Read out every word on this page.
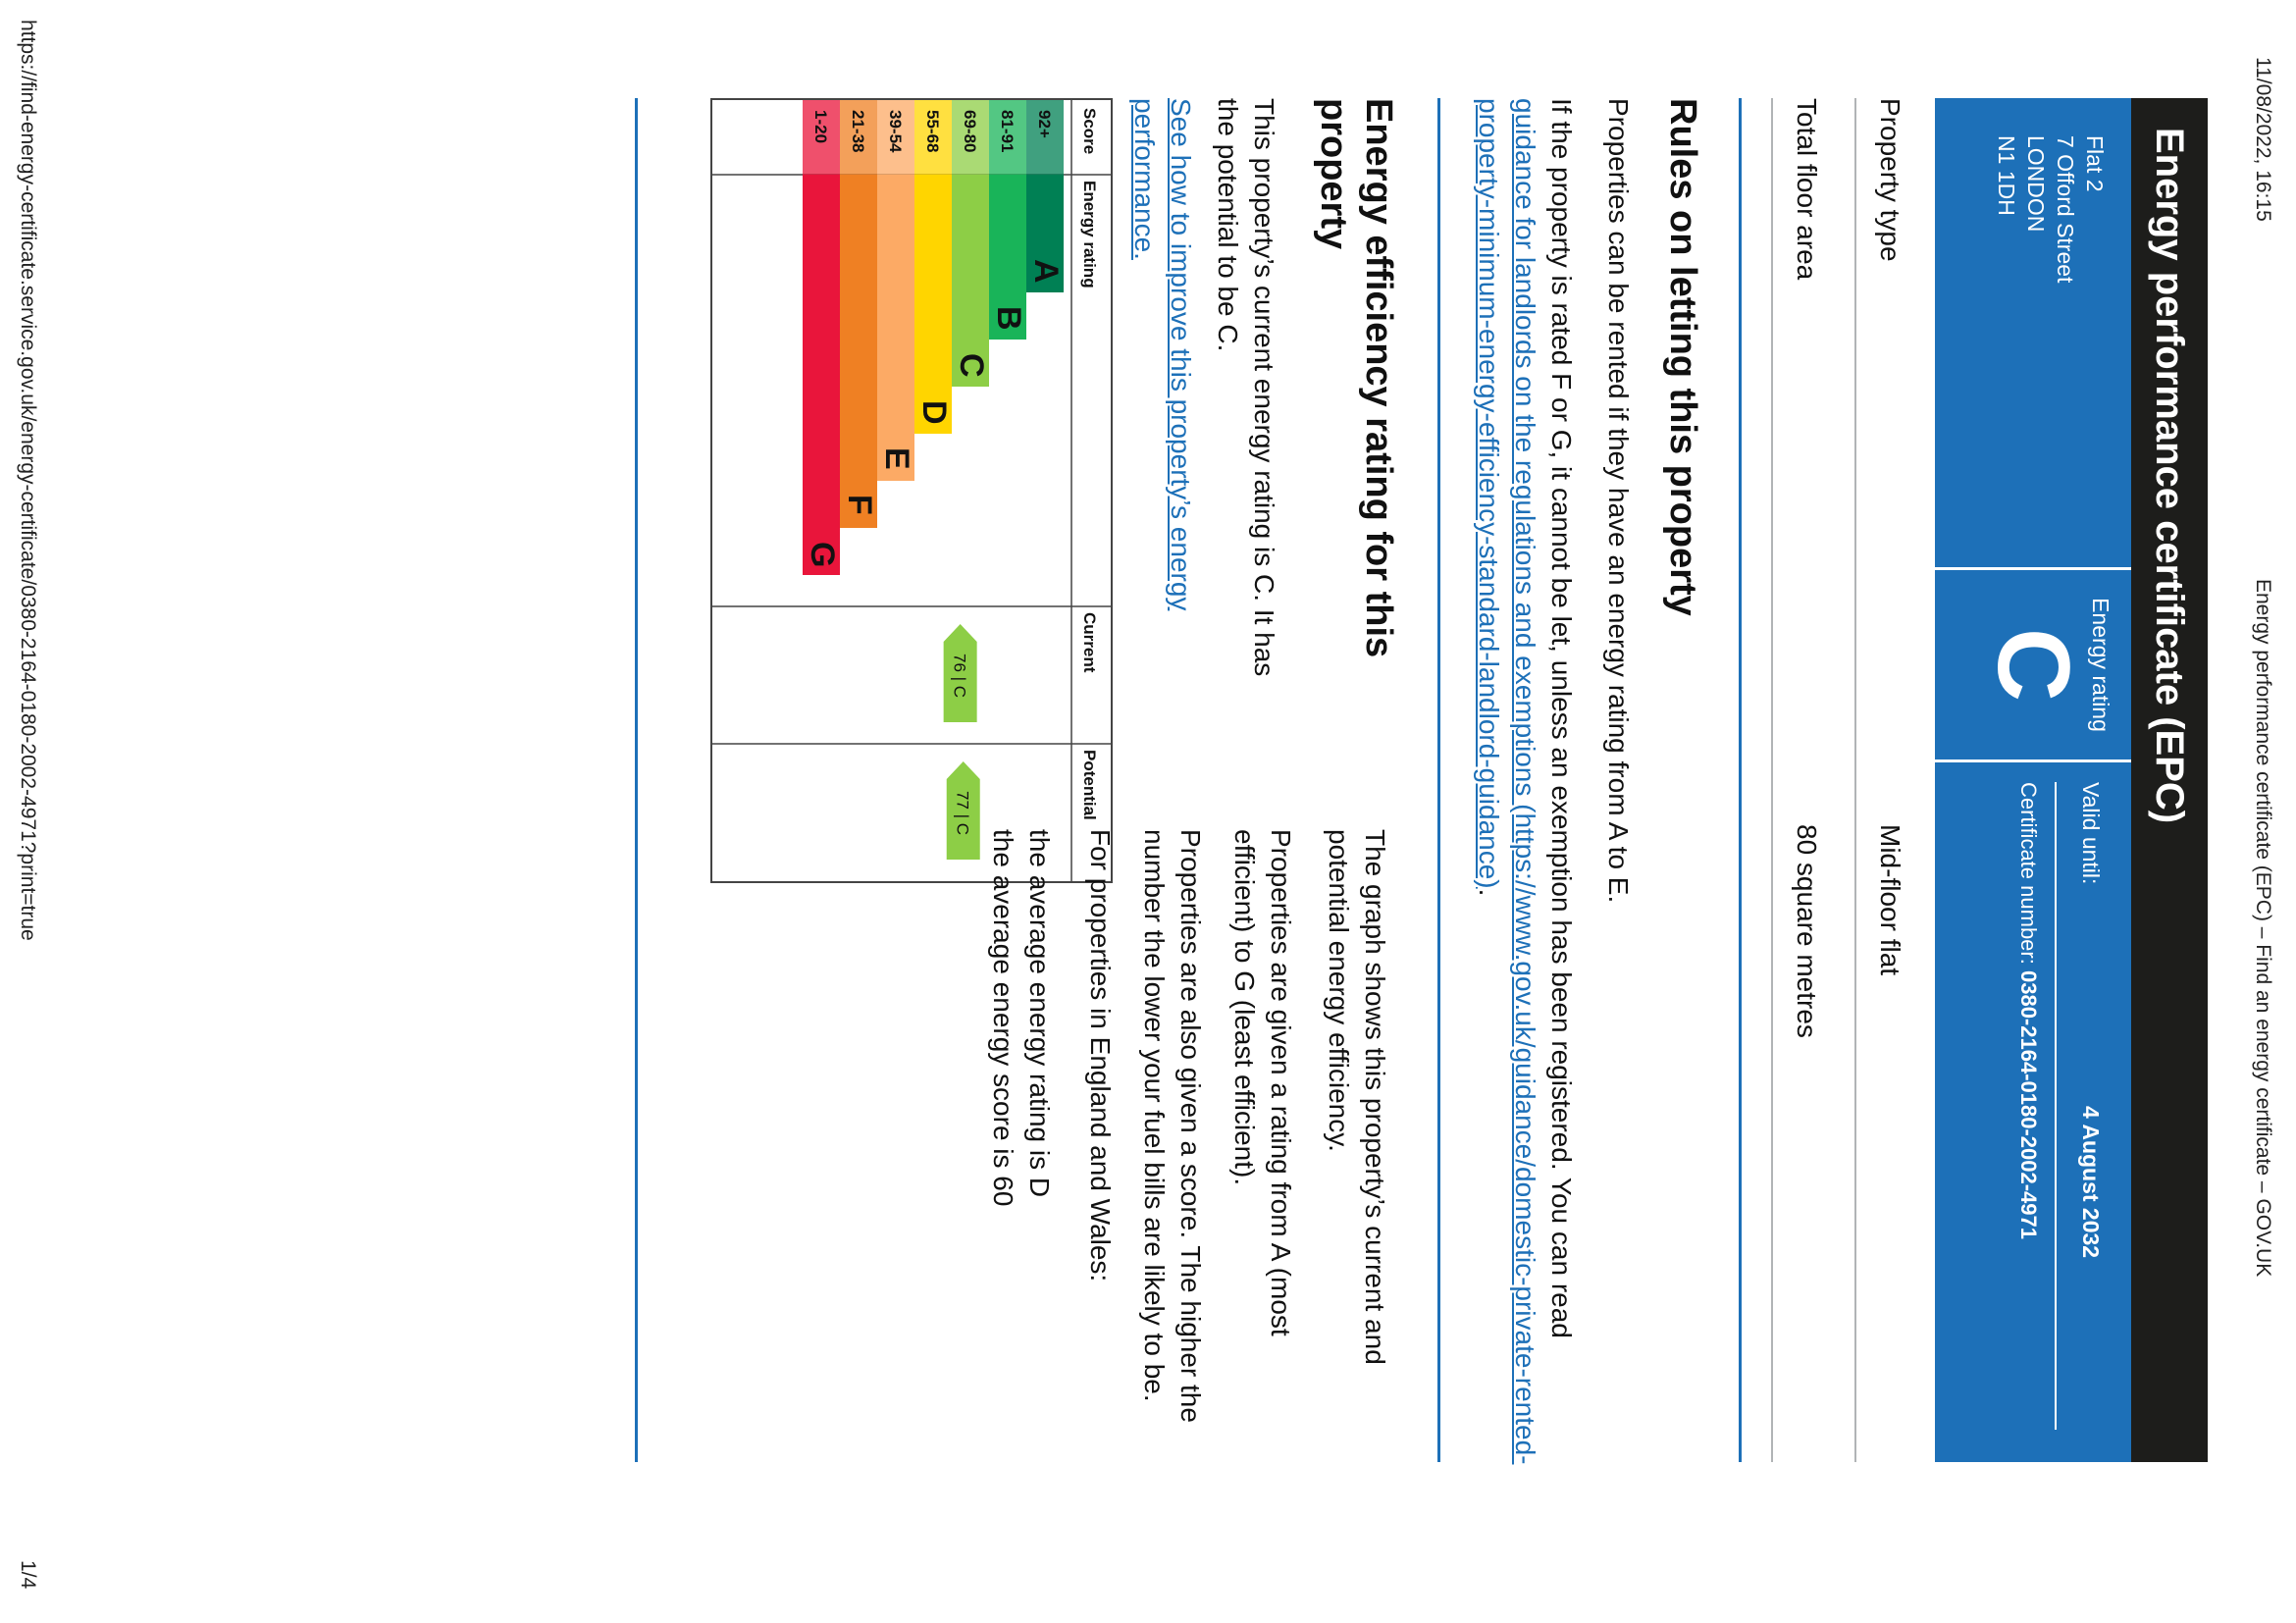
11/08/2022, 16:15
Energy performance certificate (EPC) – Find an energy certificate – GOV.UK
Energy performance certificate (EPC)
Flat 2
7 Offord Street
LONDON
N1 1DH
Energy rating
C
Valid until:
4 August 2032
Certificate number: 0380-2164-0180-2002-4971
Property type
Mid-floor flat
Total floor area
80 square metres
Rules on letting this property
Properties can be rented if they have an energy rating from A to E.
If the property is rated F or G, it cannot be let, unless an exemption has been registered. You can read
guidance for landlords on the regulations and exemptions (https://www.gov.uk/guidance/domestic-private-rented-
property-minimum-energy-efficiency-standard-landlord-guidance).
Energy efficiency rating for this
property
This property’s current energy rating is C. It has
the potential to be C.
See how to improve this property’s energy
performance.
Score
Energy rating
Current
Potential
92+
A
81-91
B
69-80
C
55-68
D
39-54
E
21-38
F
1-20
G
76 | C
77 | C
The graph shows this property’s current and
potential energy efficiency.
Properties are given a rating from A (most
efficient) to G (least efficient).
Properties are also given a score. The higher the
number the lower your fuel bills are likely to be.
For properties in England and Wales:
the average energy rating is D
the average energy score is 60
https://find-energy-certificate.service.gov.uk/energy-certificate/0380-2164-0180-2002-4971?print=true
1/4
